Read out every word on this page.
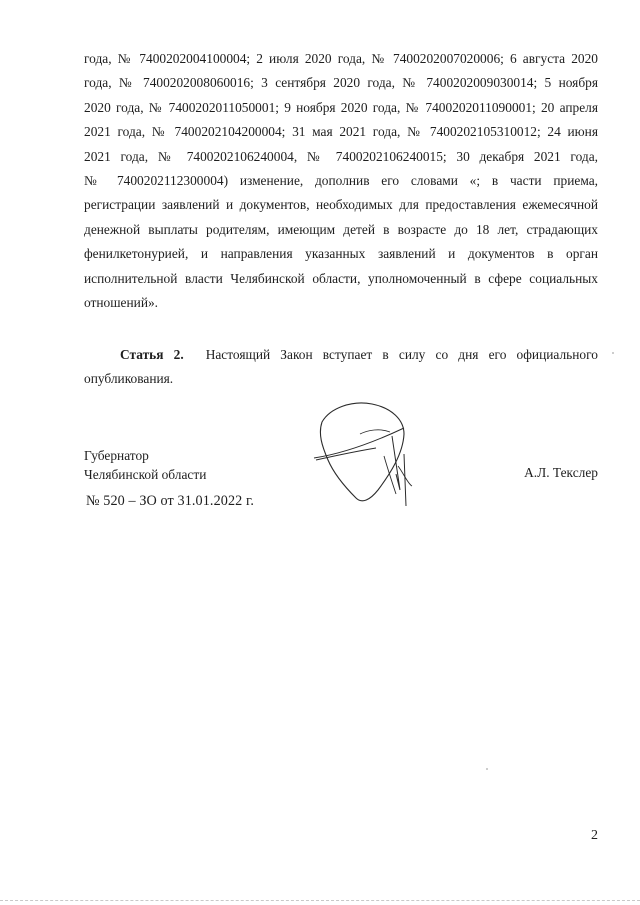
года, № 7400202004100004; 2 июля 2020 года, № 7400202007020006; 6 августа 2020
года, № 7400202008060016; 3 сентября 2020 года, № 7400202009030014; 5 ноября
2020 года, № 7400202011050001; 9 ноября 2020 года, № 7400202011090001; 20 апреля
2021 года, № 7400202104200004; 31 мая 2021 года, № 7400202105310012; 24 июня
2021 года, № 7400202106240004, № 7400202106240015; 30 декабря 2021 года,
№ 7400202112300004) изменение, дополнив его словами «; в части приема,
регистрации заявлений и документов, необходимых для предоставления ежемесячной
денежной выплаты родителям, имеющим детей в возрасте до 18 лет, страдающих
фенилкетонурией, и направления указанных заявлений и документов в орган
исполнительной власти Челябинской области, уполномоченный в сфере социальных
отношений».
Статья 2. Настоящий Закон вступает в силу со дня его официального
опубликования.
Губернатор
Челябинской области	А.Л. Текслер
№ 520 – ЗО от 31.01.2022 г.
2
